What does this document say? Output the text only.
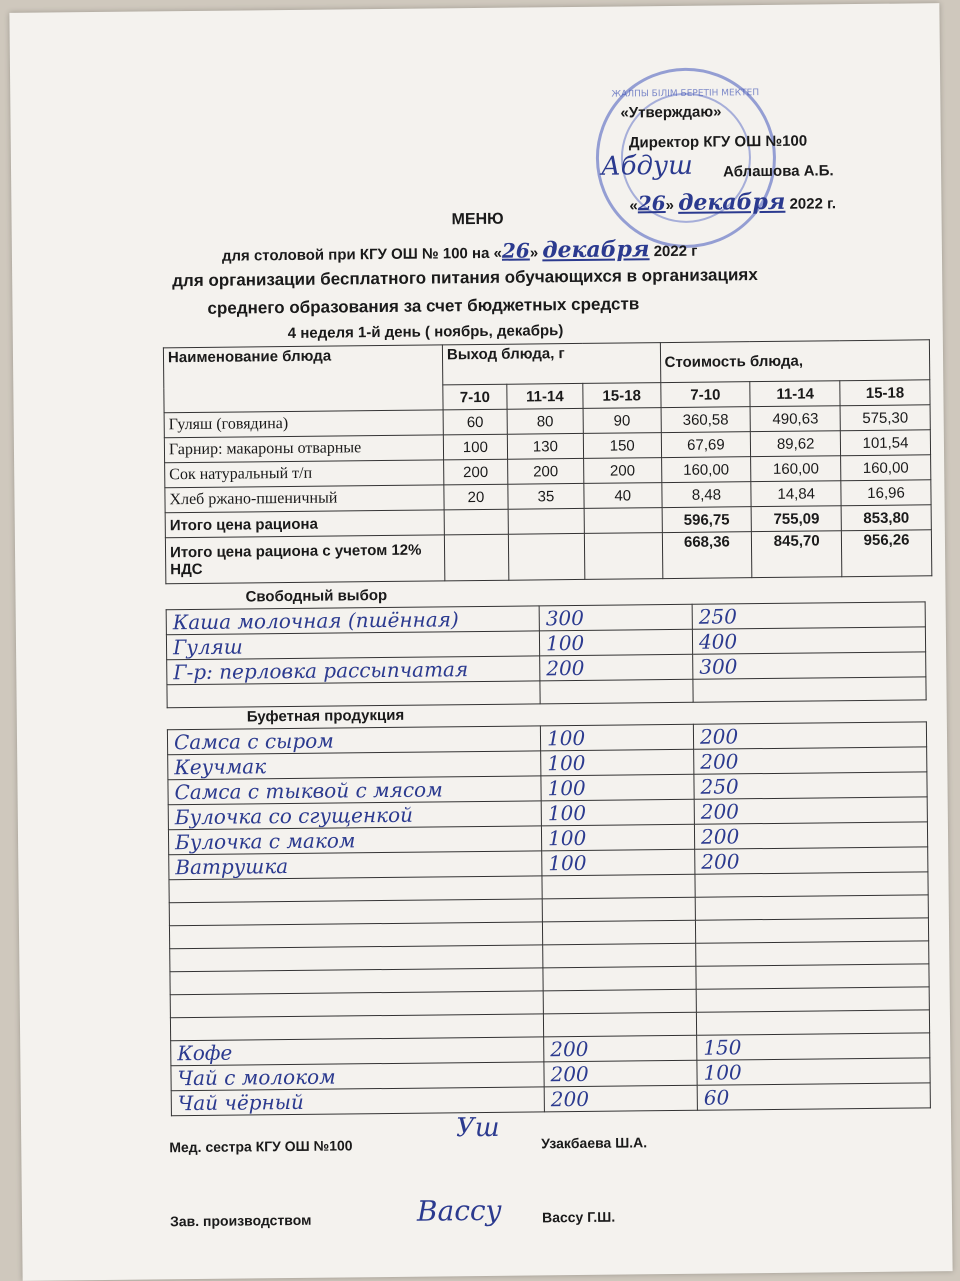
ЖАЛПЫ БІЛІМ БЕРЕТІН МЕКТЕП
«Утверждаю»
Директор КГУ ОШ №100
Абдуш Аблашова А.Б.
«26» декабря 2022 г.
МЕНЮ
для столовой при КГУ ОШ № 100 на «26» декабря 2022 г
для организации бесплатного питания обучающихся в организациях
среднего образования за счет бюджетных средств
4 неделя 1-й день ( ноябрь, декабрь)
Наименование блюда	Выход блюда, г			Стоимость блюда,		
	7-10	11-14	15-18	7-10	11-14	15-18
Гуляш (говядина)	60	80	90	360,58	490,63	575,30
Гарнир: макароны отварные	100	130	150	67,69	89,62	101,54
Сок натуральный т/п	200	200	200	160,00	160,00	160,00
Хлеб ржано-пшеничный	20	35	40	8,48	14,84	16,96
Итого цена рациона				596,75	755,09	853,80
Итого цена рациона с учетом 12% НДС				668,36	845,70	956,26
Свободный выбор
Каша молочная (пшённая)	300	250
Гуляш	100	400
Г-р: перловка рассыпчатая	200	300

Буфетная продукция
Самса с сыром	100	200
Кеучмак	100	200
Самса с тыквой с мясом	100	250
Булочка со сгущенкой	100	200
Булочка с маком	100	200
Ватрушка	100	200

Кофе	200	150
Чай с молоком	200	100
Чай чёрный	200	60
Мед. сестра КГУ ОШ №100
Уш	Узакбаева Ш.А.
Зав. производством	Вассу	Вассу Г.Ш.
